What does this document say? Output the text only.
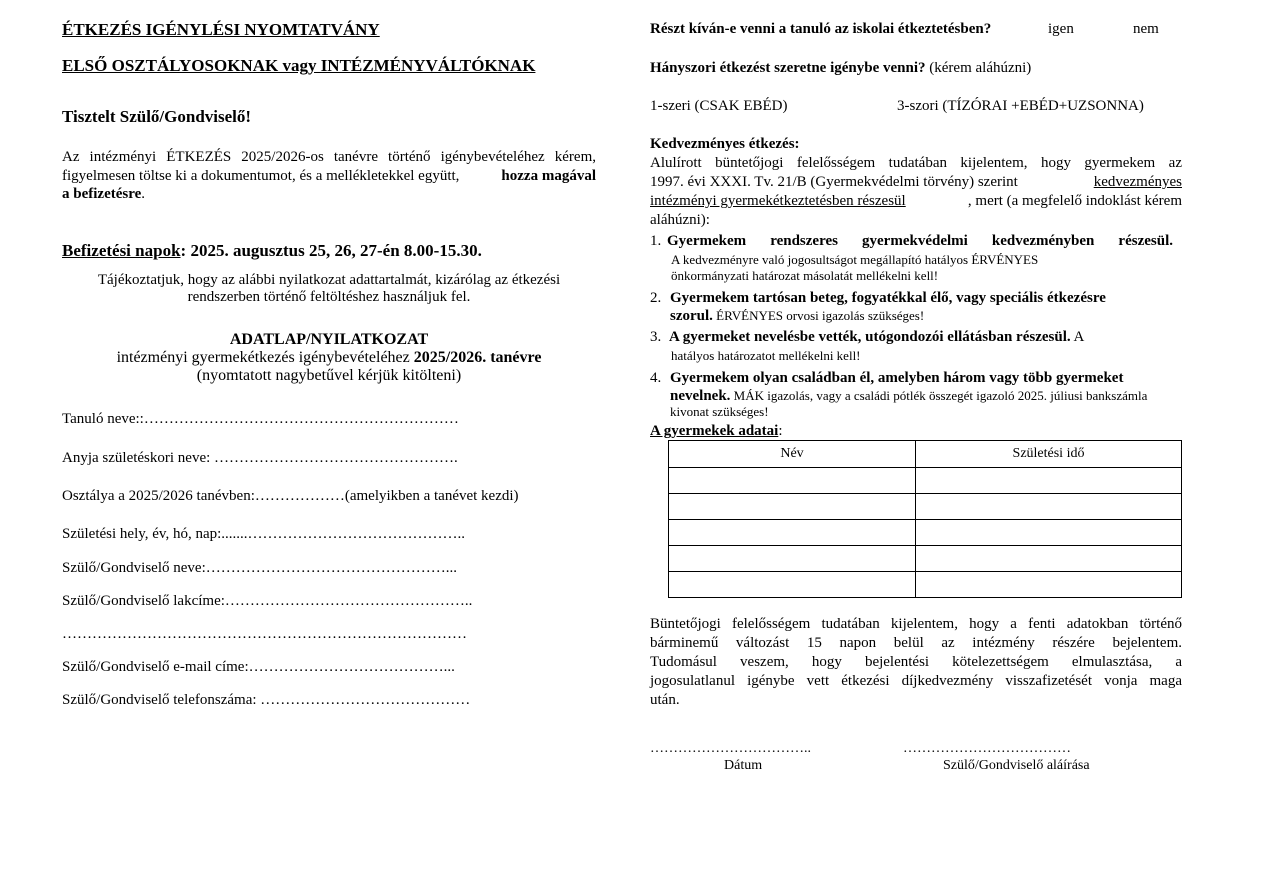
ÉTKEZÉS IGÉNYLÉSI NYOMTATVÁNY
ELSŐ OSZTÁLYOSOKNAK vagy INTÉZMÉNYVÁLTÓKNAK
Tisztelt Szülő/Gondviselő!
Az intézményi ÉTKEZÉS 2025/2026-os tanévre történő igénybevételéhez kérem,
figyelmesen töltse ki a dokumentumot, és a mellékletekkel együtt,	hozza magával
a befizetésre.
Befizetési napok: 2025. augusztus 25, 26, 27-én 8.00-15.30.
Tájékoztatjuk, hogy az alábbi nyilatkozat adattartalmát, kizárólag az étkezési
rendszerben történő feltöltéshez használjuk fel.
ADATLAP/NYILATKOZAT
intézményi gyermekétkezés igénybevételéhez 2025/2026. tanévre
(nyomtatott nagybetűvel kérjük kitölteni)
Tanuló neve::………………………………………………………
Anyja születéskori neve: ………………………………………….
Osztálya a 2025/2026 tanévben:………………(amelyikben a tanévet kezdi)
Születési hely, év, hó, nap:.......……………………………………..
Szülő/Gondviselő neve:…………………………………………...
Szülő/Gondviselő lakcíme:…………………………………………..
………………………………………………………………………
Szülő/Gondviselő e-mail címe:…………………………………...
Szülő/Gondviselő telefonszáma: ……………………………………
Részt kíván-e venni a tanuló az iskolai étkeztetésben?	igen	nem
Hányszori étkezést szeretne igénybe venni? (kérem aláhúzni)
1-szeri (CSAK EBÉD)	3-szori (TÍZÓRAI +EBÉD+UZSONNA)
Kedvezményes étkezés:
Alulírott büntetőjogi felelősségem tudatában kijelentem, hogy gyermekem az
1997. évi XXXI. Tv. 21/B (Gyermekvédelmi törvény) szerint	kedvezményes
intézményi gyermekétkeztetésben részesül	, mert (a megfelelő indoklást kérem
aláhúzni):
1. Gyermekem rendszeres gyermekvédelmi kedvezményben részesül.
A kedvezményre való jogosultságot megállapító hatályos ÉRVÉNYES
önkormányzati határozat másolatát mellékelni kell!
2. Gyermekem tartósan beteg, fogyatékkal élő, vagy speciális étkezésre
szorul. ÉRVÉNYES orvosi igazolás szükséges!
3. A gyermeket nevelésbe vették, utógondozói ellátásban részesül. A
hatályos határozatot mellékelni kell!
4. Gyermekem olyan családban él, amelyben három vagy több gyermeket
nevelnek. MÁK igazolás, vagy a családi pótlék összegét igazoló 2025. júliusi bankszámla
kivonat szükséges!
A gyermekek adatai:
Név	Születési idő

Büntetőjogi felelősségem tudatában kijelentem, hogy a fenti adatokban történő
bárminemű változást 15 napon belül az intézmény részére bejelentem.
Tudomásul veszem, hogy bejelentési kötelezettségem elmulasztása, a
jogosulatlanul igénybe vett étkezési díjkedvezmény visszafizetését vonja maga
után.
……………………………..
Dátum
………………………………
Szülő/Gondviselő aláírása
